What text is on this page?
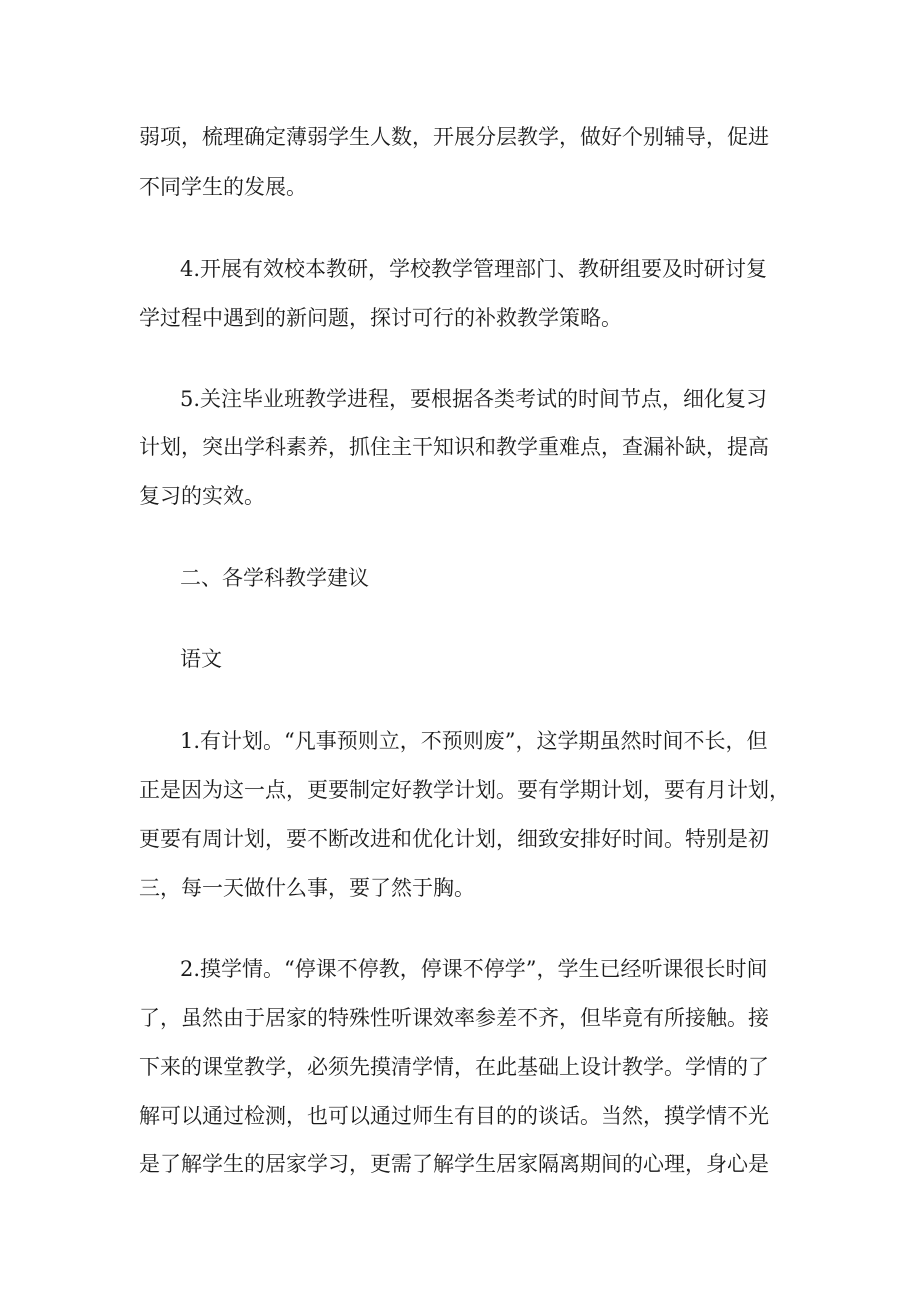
弱项，梳理确定薄弱学生人数，开展分层教学，做好个别辅导，促进
不同学生的发展。
4.开展有效校本教研，学校教学管理部门、教研组要及时研讨复
学过程中遇到的新问题，探讨可行的补救教学策略。
5.关注毕业班教学进程，要根据各类考试的时间节点，细化复习
计划，突出学科素养，抓住主干知识和教学重难点，查漏补缺，提高
复习的实效。
二、各学科教学建议
语文
1.有计划。“凡事预则立，不预则废”，这学期虽然时间不长，但
正是因为这一点，更要制定好教学计划。要有学期计划，要有月计划，
更要有周计划，要不断改进和优化计划，细致安排好时间。特别是初
三，每一天做什么事，要了然于胸。
2.摸学情。“停课不停教，停课不停学”，学生已经听课很长时间
了，虽然由于居家的特殊性听课效率参差不齐，但毕竟有所接触。接
下来的课堂教学，必须先摸清学情，在此基础上设计教学。学情的了
解可以通过检测，也可以通过师生有目的的谈话。当然，摸学情不光
是了解学生的居家学习，更需了解学生居家隔离期间的心理，身心是
